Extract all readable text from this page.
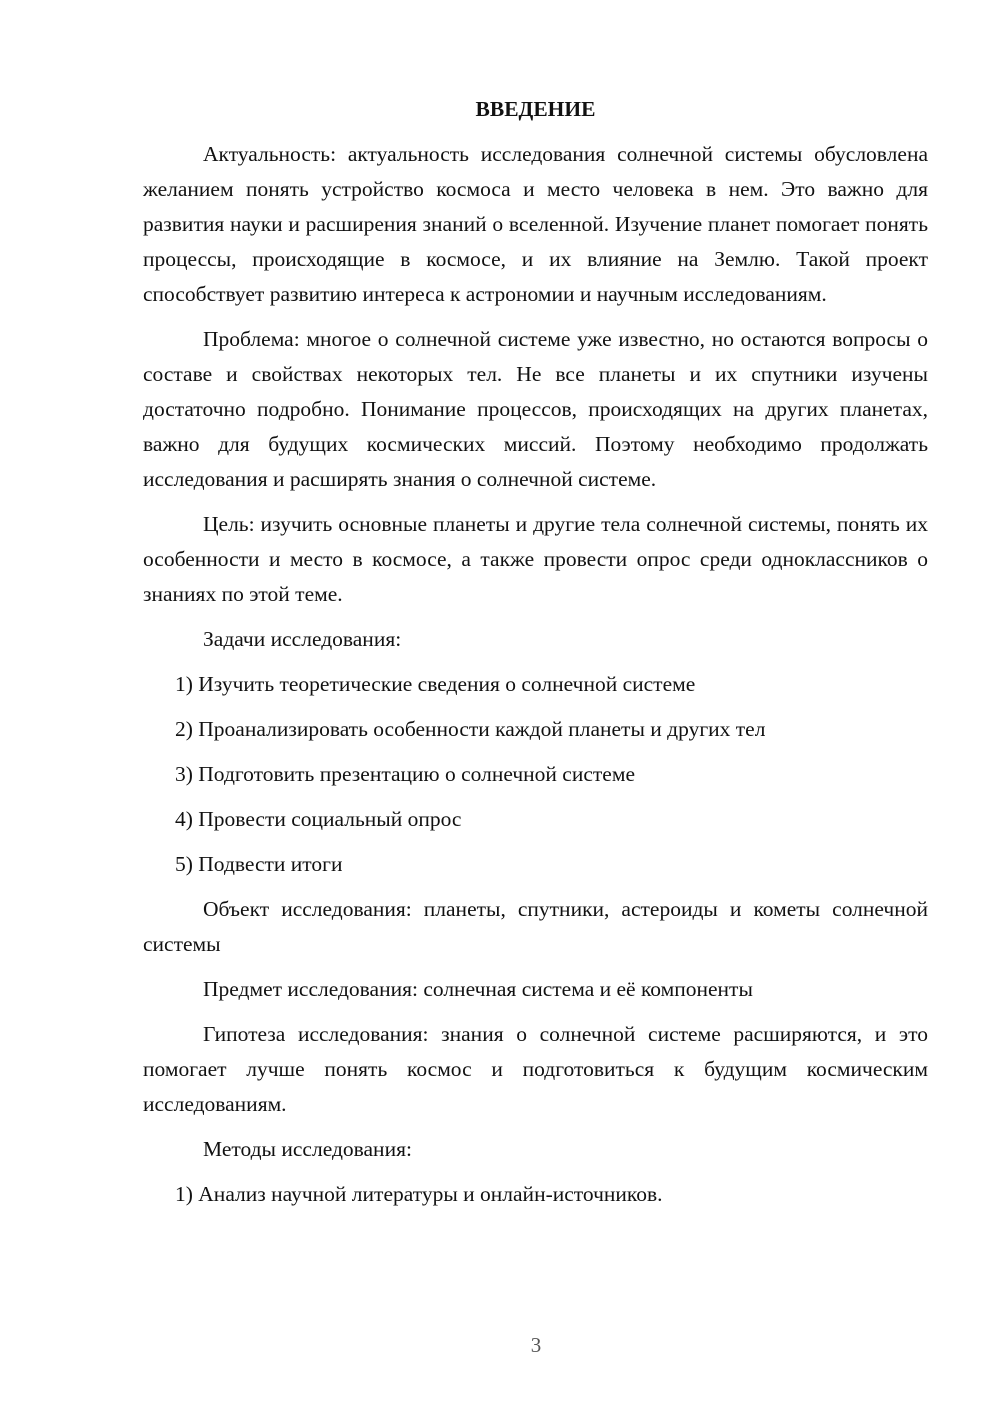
ВВЕДЕНИЕ

Актуальность: актуальность исследования солнечной системы обусловлена желанием понять устройство космоса и место человека в нем. Это важно для развития науки и расширения знаний о вселенной. Изучение планет помогает понять процессы, происходящие в космосе, и их влияние на Землю. Такой проект способствует развитию интереса к астрономии и научным исследованиям.

Проблема: многое о солнечной системе уже известно, но остаются вопросы о составе и свойствах некоторых тел. Не все планеты и их спутники изучены достаточно подробно. Понимание процессов, происходящих на других планетах, важно для будущих космических миссий. Поэтому необходимо продолжать исследования и расширять знания о солнечной системе.

Цель: изучить основные планеты и другие тела солнечной системы, понять их особенности и место в космосе, а также провести опрос среди одноклассников о знаниях по этой теме.

Задачи исследования:

1) Изучить теоретические сведения о солнечной системе
2) Проанализировать особенности каждой планеты и других тел
3) Подготовить презентацию о солнечной системе
4) Провести социальный опрос
5) Подвести итоги

Объект исследования: планеты, спутники, астероиды и кометы солнечной системы

Предмет исследования: солнечная система и её компоненты

Гипотеза исследования: знания о солнечной системе расширяются, и это помогает лучше понять космос и подготовиться к будущим космическим исследованиям.

Методы исследования:

1) Анализ научной литературы и онлайн-источников.
3
